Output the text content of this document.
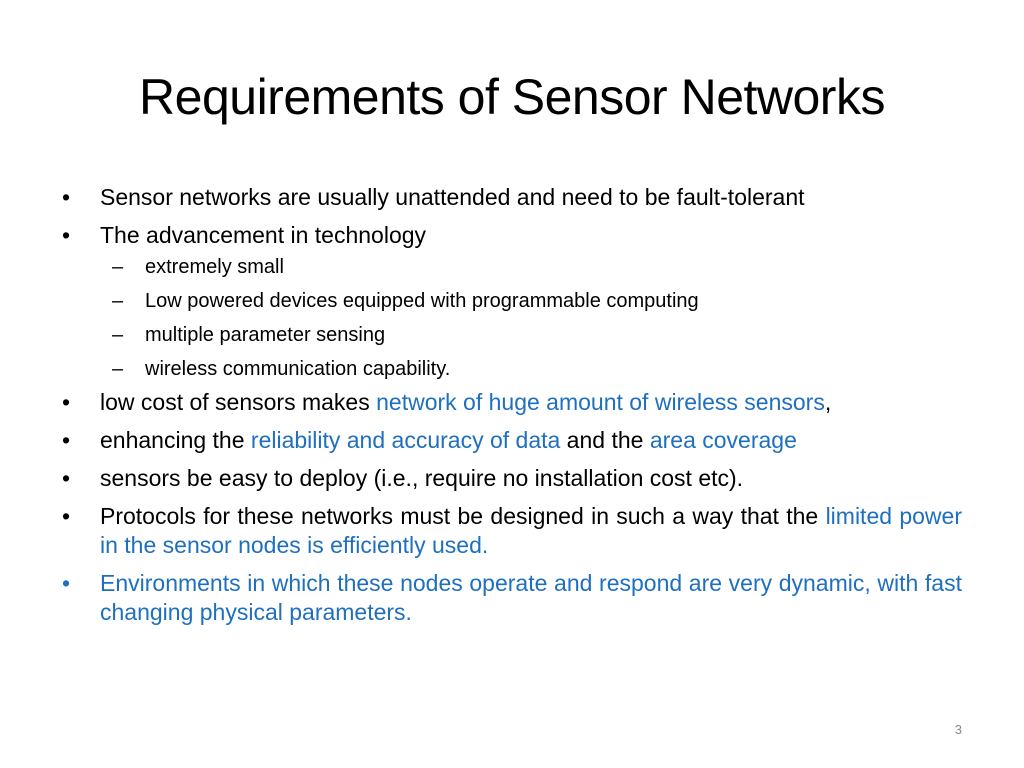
Requirements of Sensor Networks
•	Sensor networks are usually unattended and need to be fault-tolerant
•	The advancement in technology
– extremely small
– Low powered devices equipped with programmable computing
– multiple parameter sensing
– wireless communication capability.
•	low cost of sensors makes network of huge amount of wireless sensors,
•	enhancing the reliability and accuracy of data and the area coverage
•	sensors be easy to deploy (i.e., require no installation cost etc).
•	Protocols for these networks must be designed in such a way that the limited power in the sensor nodes is efficiently used.
•	Environments in which these nodes operate and respond are very dynamic, with fast changing physical parameters.
3
